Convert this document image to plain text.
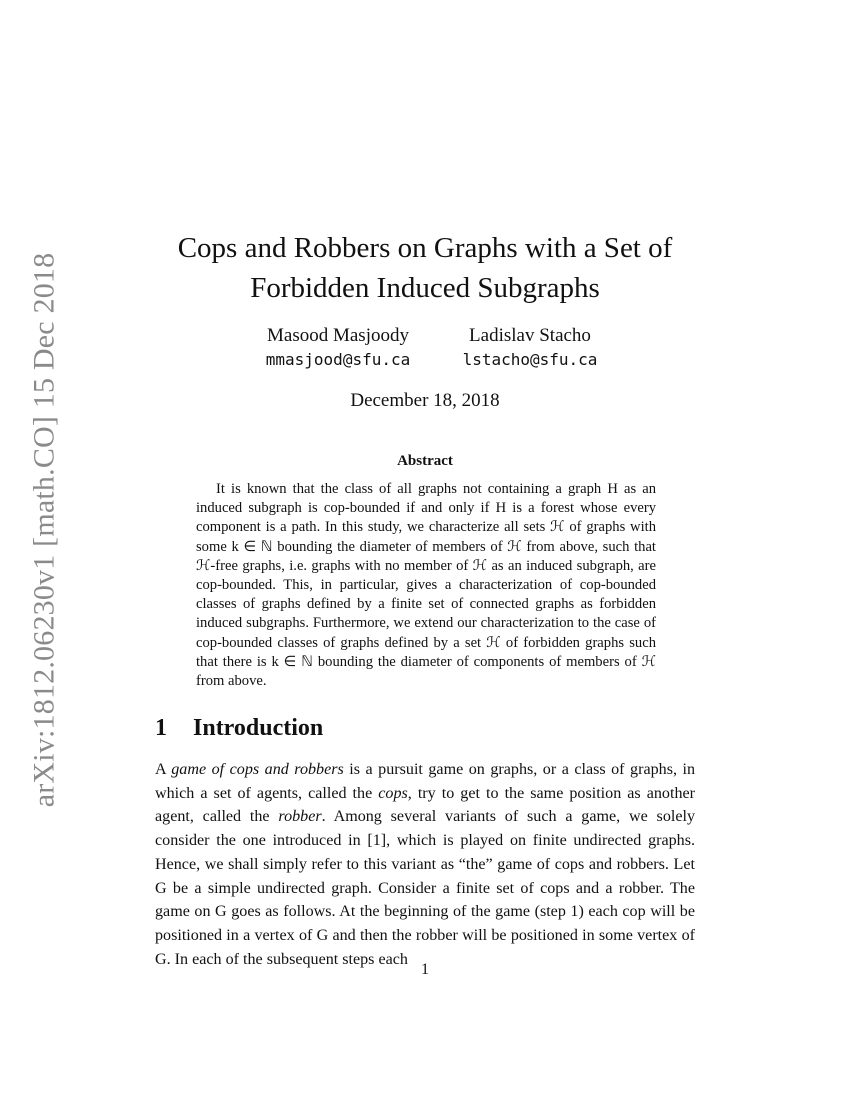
arXiv:1812.06230v1 [math.CO] 15 Dec 2018
Cops and Robbers on Graphs with a Set of
Forbidden Induced Subgraphs
Masood Masjoody
mmasjood@sfu.ca
Ladislav Stacho
lstacho@sfu.ca
December 18, 2018
Abstract
It is known that the class of all graphs not containing a graph H as an induced subgraph is cop-bounded if and only if H is a forest whose every component is a path. In this study, we characterize all sets ℋ of graphs with some k ∈ ℕ bounding the diameter of members of ℋ from above, such that ℋ-free graphs, i.e. graphs with no member of ℋ as an induced subgraph, are cop-bounded. This, in particular, gives a characterization of cop-bounded classes of graphs defined by a finite set of connected graphs as forbidden induced subgraphs. Furthermore, we extend our characterization to the case of cop-bounded classes of graphs defined by a set ℋ of forbidden graphs such that there is k ∈ ℕ bounding the diameter of components of members of ℋ from above.
1 Introduction
A game of cops and robbers is a pursuit game on graphs, or a class of graphs, in which a set of agents, called the cops, try to get to the same position as another agent, called the robber. Among several variants of such a game, we solely consider the one introduced in [1], which is played on finite undirected graphs. Hence, we shall simply refer to this variant as “the” game of cops and robbers. Let G be a simple undirected graph. Consider a finite set of cops and a robber. The game on G goes as follows. At the beginning of the game (step 1) each cop will be positioned in a vertex of G and then the robber will be positioned in some vertex of G. In each of the subsequent steps each
1
